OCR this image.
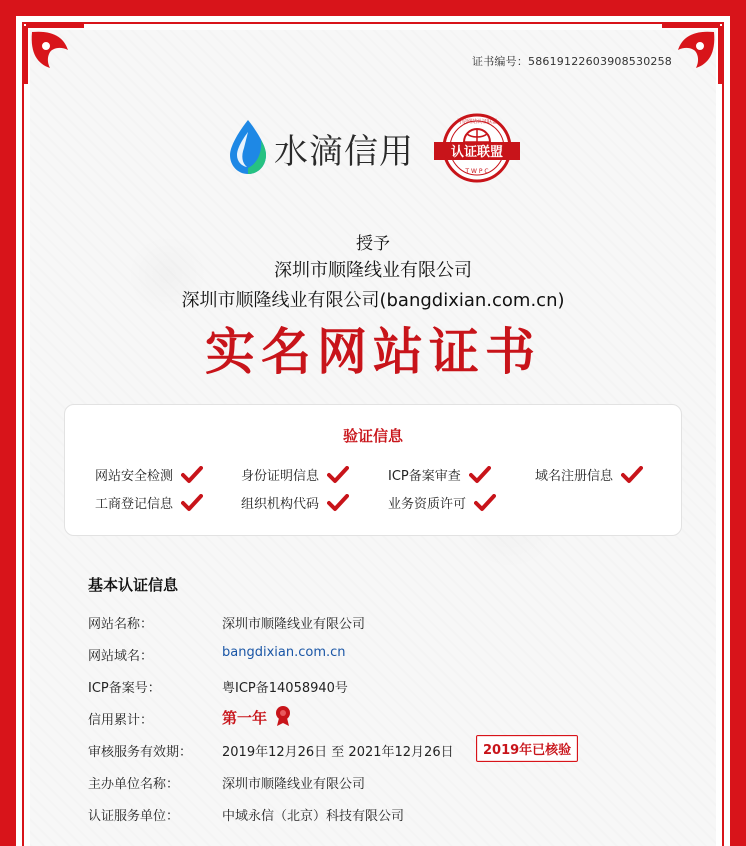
证书编号：58619122603908530258
水滴信用	认证联盟
可信网站认证联盟
T W P C
授予
深圳市顺隆线业有限公司
深圳市顺隆线业有限公司(bangdixian.com.cn)
实名网站证书
验证信息
网站安全检测	身份证明信息	ICP备案审查	域名注册信息
工商登记信息	组织机构代码	业务资质许可
基本认证信息
网站名称：	深圳市顺隆线业有限公司
网站域名：	bangdixian.com.cn
ICP备案号：	粤ICP备14058940号
信用累计：	第一年
审核服务有效期： 2019年12月26日 至 2021年12月26日	2019年已核验
主办单位名称：	深圳市顺隆线业有限公司
认证服务单位：	中域永信（北京）科技有限公司
